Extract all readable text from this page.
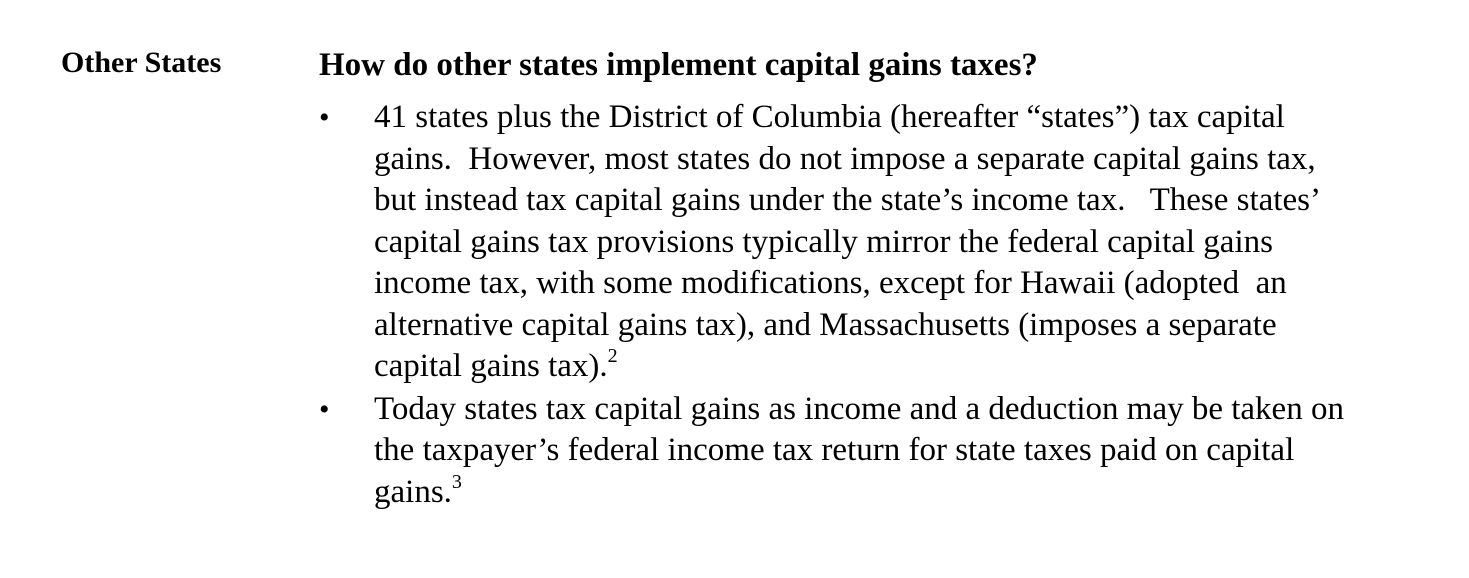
Other States	How do other states implement capital gains taxes?
• 41 states plus the District of Columbia (hereafter “states”) tax capital
gains.  However, most states do not impose a separate capital gains tax,
but instead tax capital gains under the state’s income tax.   These states’
capital gains tax provisions typically mirror the federal capital gains
income tax, with some modifications, except for Hawaii (adopted  an
alternative capital gains tax), and Massachusetts (imposes a separate
capital gains tax).$^2$
• Today states tax capital gains as income and a deduction may be taken on
the taxpayer’s federal income tax return for state taxes paid on capital
gains.$^3$
